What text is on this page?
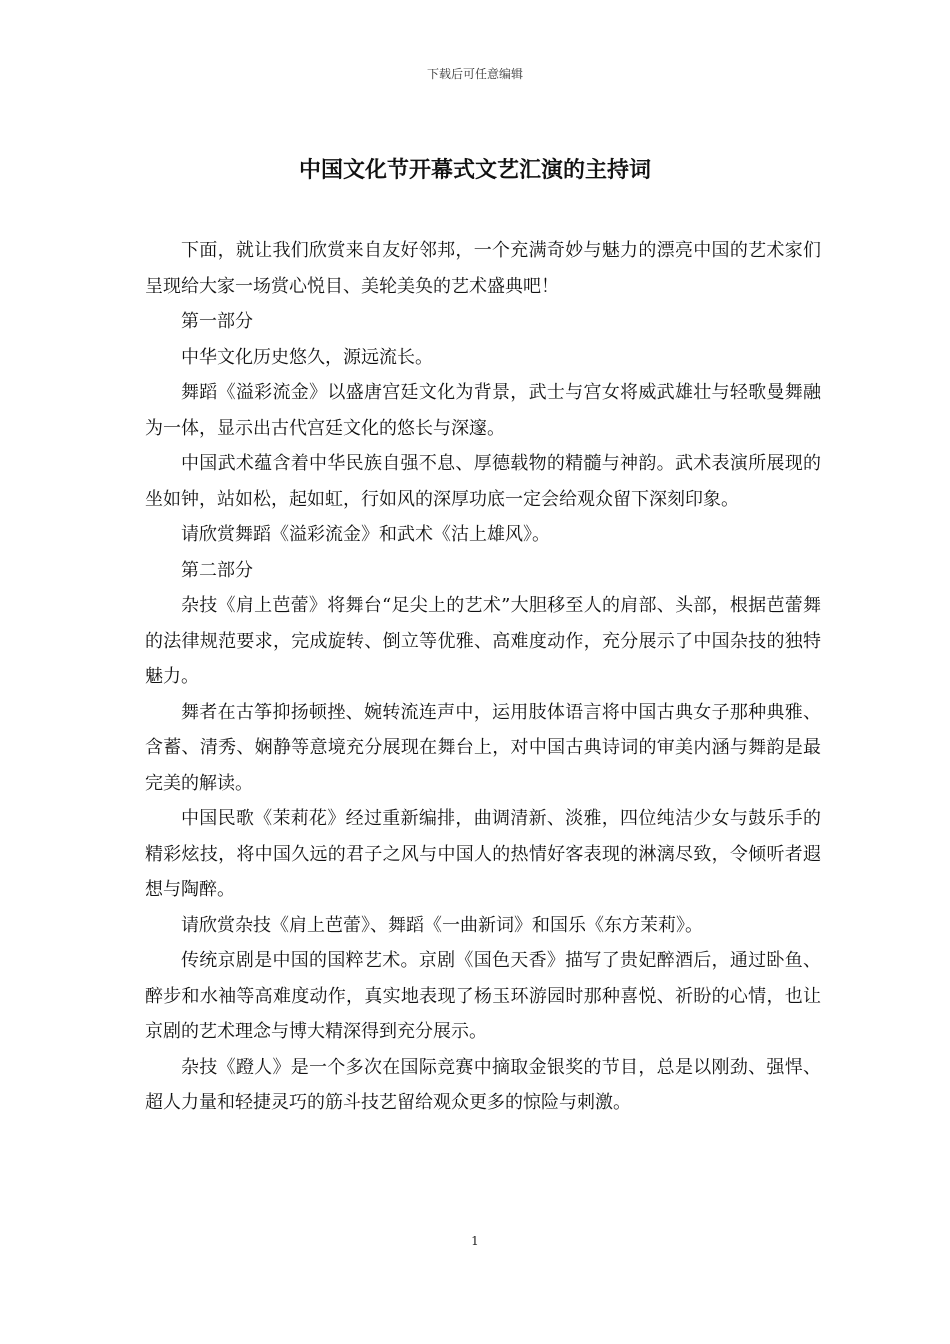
下载后可任意编辑
中国文化节开幕式文艺汇演的主持词

下面，就让我们欣赏来自友好邻邦，一个充满奇妙与魅力的漂亮中国的艺术家们呈现给大家一场赏心悦目、美轮美奂的艺术盛典吧！

第一部分

中华文化历史悠久，源远流长。

舞蹈《溢彩流金》以盛唐宫廷文化为背景，武士与宫女将威武雄壮与轻歌曼舞融为一体，显示出古代宫廷文化的悠长与深邃。

中国武术蕴含着中华民族自强不息、厚德载物的精髓与神韵。武术表演所展现的坐如钟，站如松，起如虹，行如风的深厚功底一定会给观众留下深刻印象。

请欣赏舞蹈《溢彩流金》和武术《沽上雄风》。

第二部分

杂技《肩上芭蕾》将舞台“足尖上的艺术”大胆移至人的肩部、头部，根据芭蕾舞的法律规范要求，完成旋转、倒立等优雅、高难度动作，充分展示了中国杂技的独特魅力。

舞者在古筝抑扬顿挫、婉转流连声中，运用肢体语言将中国古典女子那种典雅、含蓄、清秀、娴静等意境充分展现在舞台上，对中国古典诗词的审美内涵与舞韵是最完美的解读。

中国民歌《茉莉花》经过重新编排，曲调清新、淡雅，四位纯洁少女与鼓乐手的精彩炫技，将中国久远的君子之风与中国人的热情好客表现的淋漓尽致，令倾听者遐想与陶醉。

请欣赏杂技《肩上芭蕾》、舞蹈《一曲新词》和国乐《东方茉莉》。

传统京剧是中国的国粹艺术。京剧《国色天香》描写了贵妃醉酒后，通过卧鱼、醉步和水袖等高难度动作，真实地表现了杨玉环游园时那种喜悦、祈盼的心情，也让京剧的艺术理念与博大精深得到充分展示。

杂技《蹬人》是一个多次在国际竞赛中摘取金银奖的节目，总是以刚劲、强悍、超人力量和轻捷灵巧的筋斗技艺留给观众更多的惊险与刺激。

1
